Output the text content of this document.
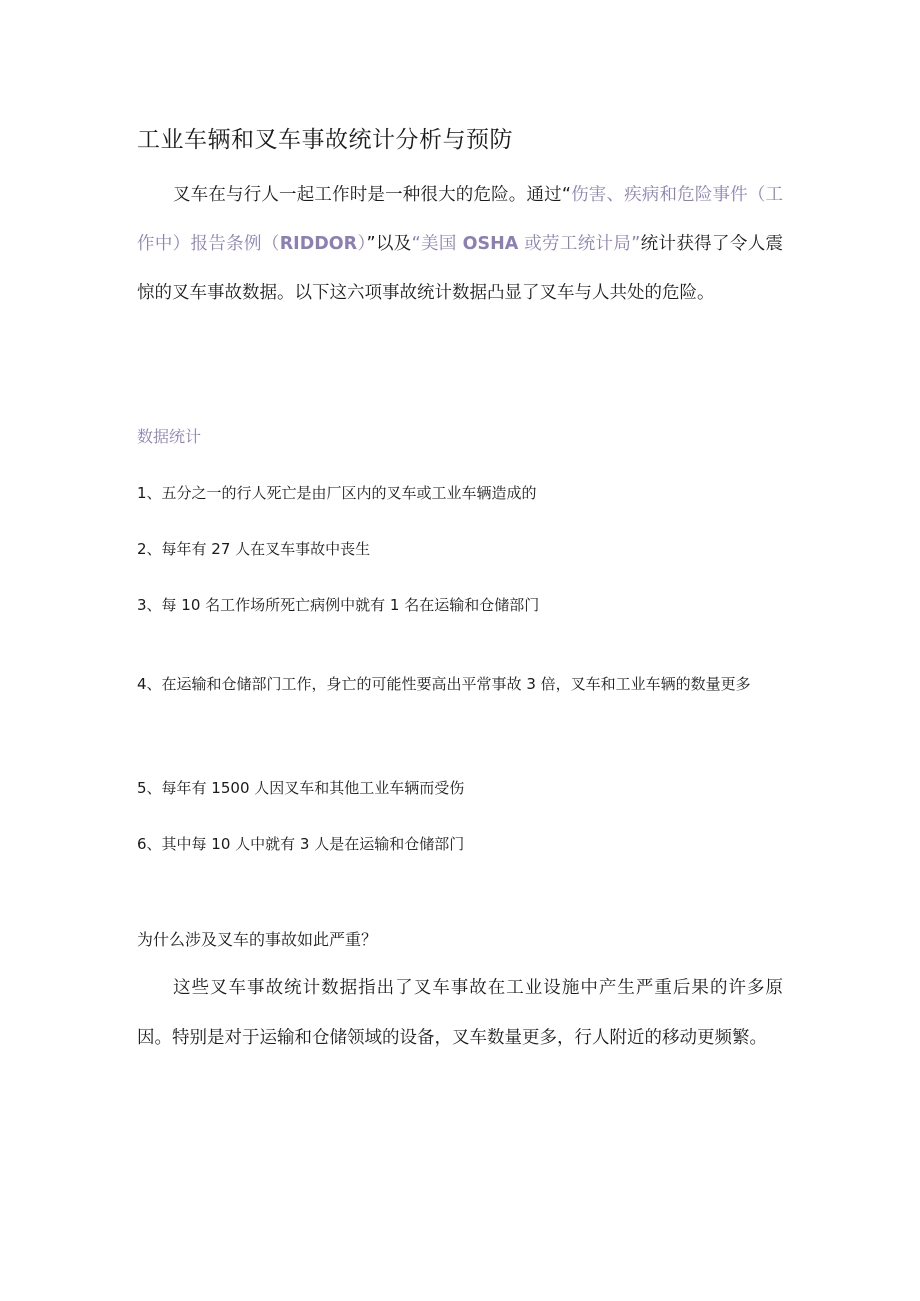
工业车辆和叉车事故统计分析与预防

叉车在与行人一起工作时是一种很大的危险。通过“伤害、疾病和危险事件（工作中）报告条例（RIDDOR）”以及“美国 OSHA 或劳工统计局”统计获得了令人震惊的叉车事故数据。以下这六项事故统计数据凸显了叉车与人共处的危险。

数据统计

1、五分之一的行人死亡是由厂区内的叉车或工业车辆造成的

2、每年有 27 人在叉车事故中丧生

3、每 10 名工作场所死亡病例中就有 1 名在运输和仓储部门

4、在运输和仓储部门工作，身亡的可能性要高出平常事故 3 倍，叉车和工业车辆的数量更多

5、每年有 1500 人因叉车和其他工业车辆而受伤

6、其中每 10 人中就有 3 人是在运输和仓储部门

为什么涉及叉车的事故如此严重？

这些叉车事故统计数据指出了叉车事故在工业设施中产生严重后果的许多原因。特别是对于运输和仓储领域的设备，叉车数量更多，行人附近的移动更频繁。
